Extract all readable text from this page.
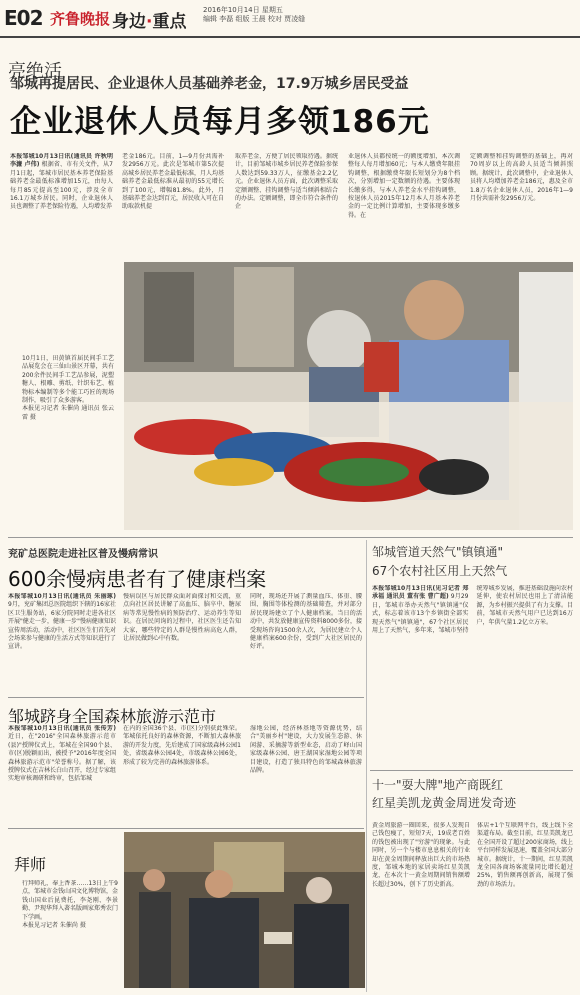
E02 齐鲁晚报 身边·重点
2016年10月14日 星期五
编辑 李磊 组版 王晨 校对 贾凌缝
邹城再提居民、企业退休人员基础养老金，17.9万城乡居民受益
企业退休人员每月多领186元
本报邹城10月13日讯(通讯员 许秋明 李濂 卢伟) 根据省、市有关文件，从7月1日起，邹城市居民基本养老保险基础养老金最低标准增加15元，由每人每月85元提高至100元，涉及全市16.1万城乡居民。同时，企业退休人员也调整了养老保险待遇，人均增发养
老金186元。目前，1—9月份共需补发2956万元。此次是邹城市第5次提高城乡居民养老金最低标准，月人均基础养老金最低标准从最初的55元增长到了100元，增幅81.8%。此外，月基础养老金达到百元，居民收入可在自助取款机提
取养老金，方便了居民领取待遇。据统计，目前邹城市城乡居民养老保险参保人数达到59.33万人，征缴基金2.2亿元。企业退休人员方面，此次调整采取定额调整、挂钩调整与适当倾斜相结合的办法。定额调整，即全市符合条件的企
业退休人员都按统一的额度增加，本次调整每人每月增加60元；与本人缴费年限挂钩调整，根据缴费年限长短划分为8个档次，分别增加一定数额的待遇。主要体现长缴多得，与本人养老金水平挂钩调整，按退休人员2015年12月本人月基本养老金的一定比例计算增加，主要体现多缴多得。在
定额调整和挂钩调整的基础上，再对70周岁以上的高龄人员适当倾斜照顾。据统计，此次调整中，企业退休人员将人均增加养老金186元，惠及全市1.8万名企业退休人员，2016年1—9月份共需补发2956万元。
亮绝活
10月1日，田黄镇首届民间手工艺品展览会在三仙山景区开幕，共有200余件民间手工艺品参展，泥塑糖人、根雕、剪纸、针织布艺、植物标本编制等多个能工巧匠的现场制作，吸引了众多游客。
本报见习记者 朱催尚 通讯员 张云雷 摄
兖矿总医院走进社区普及慢病常识
600余慢病患者有了健康档案
本报邹城10月13日讯(通讯员 朱丽琢) 9月，兖矿集团总医院组织下辖的16家社区卫生服务站，6家分院同时走进各社区开展"健走一步，健康一步"慢病健康知识宣传周活动，活动中，社区医生们首先对会场来参与健康的生活方式等知识进行了宣讲。
慢病误区与居民群众面对面探讨和交流，重点向社区居民讲解了高血压、脑卒中、糖尿病等常见慢性病的预防治疗、运动养生等知识。在居民问询的过程中，社区医生还告知大家，哪些特定的人群是慢性病高危人群，让居民做到心中有数。
同时，现场还开展了测量血压、体重、腰围、胸围等体检测的基础筛查，并对部分居民现场建立了个人健康档案。当日的活动中，共发放健康宣传资料8000多份，接受现场咨询1500余人次，为居民建立个人健康档案600余份，受到广大社区居民的好评。
邹城管道天然气"镇镇通"
67个农村社区用上天然气
本报邹城10月13日讯(见习记者 郑承福 通讯员 董有张 曹广超) 9月29日，邹城市举办天然气"镇镇通"仪式，标志着该市13个乡镇街全部实现天然气"镇镇通"，67个社区居民用上了天然气，多年来，邹城市坚持统筹城乡发展，推进基础设施向农村延伸，使农村居民也用上了清洁能源，为乡村振兴提供了有力支撑。目前，邹城市天然气用户已达到16万户，年供气量1.2亿立方米。
邹城跻身全国森林旅游示范市
本报邹城10月13日讯(通讯员 张传芳) 近日，在"2016"全国森林旅游示范市(县)"授牌仪式上，邹城在全国90个县、市(区)脱颖而出，被授予"2016年度全国森林旅游示范市"荣誉称号。据了解，该授牌仪式在吉林长白山召开，经过专家组实地审核调研和终审，包括邹城
在内的全国36个县、市(区)分别获此殊荣。邹城依托良好的森林资源，不断加大森林旅游的开发力度，先后建成了国家级森林公园1处，省级森林公园4处，市级森林公园6处，形成了较为完善的森林旅游体系。
湿地公园，经济林基地等资源优势，结合"美丽乡村"建设，大力发展生态游、休闲游、采摘游等新型业态，启动了峄山国家级森林公园、唐王湖国家湿地公园等项目建设，打造了独具特色的邹城森林旅游品牌。
十一"耍大牌"地产商既红
红星美凯龙黄金周迸发奇迹
黄金周旅游一圈回来，很多人发现自己钱包瘦了，短短7天，19成老百姓的钱包被出现了"穷游"的现象。与此同时，另一个与楼市息息相关的行业却在黄金周期间释放出巨大的市场热度，邹城本地的家居卖场红星美凯龙，在本次十一黄金周期间销售额增长超过30%，创下了历史新高。
体店+1个互联网平台，线上线下全渠道布局。截至目前，红星美凯龙已在全国开设了超过200家商场，线上平台同样发展迅速，覆盖全国大部分城市。据统计，十一期间，红星美凯龙全国各商场客流量同比增长超过25%，销售额再创新高，展现了强劲的市场活力。
拜师
行拜师礼，奉上香茶……13日上午9点，邹城市金钱山国文化博物馆，金钱山国业后昆费托，李尧刚、李景勤、尹现华拜入著名版画家郑秀农门下学画。
本报见习记者 朱催尚 摄
